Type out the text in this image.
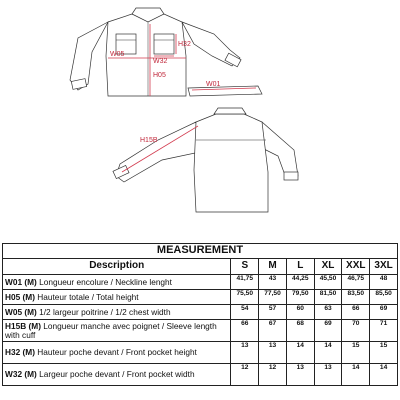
W05
W32
H32
H05
W01
H15B
MEASUREMENT						
Description	S	M	L	XL	XXL	3XL
W01 (M) Longueur encolure / Neckline lenght	41,75	43	44,25	45,50	46,75	48
H05 (M) Hauteur totale / Total height	75,50	77,50	79,50	81,50	83,50	85,50
W05 (M) 1/2 largeur poitrine / 1/2 chest width	54	57	60	63	66	69
H15B (M) Longueur manche avec poignet / Sleeve length with cuff	66	67	68	69	70	71
H32 (M) Hauteur poche devant / Front pocket height	13	13	14	14	15	15
W32 (M) Largeur poche devant / Front pocket width	12	12	13	13	14	14
